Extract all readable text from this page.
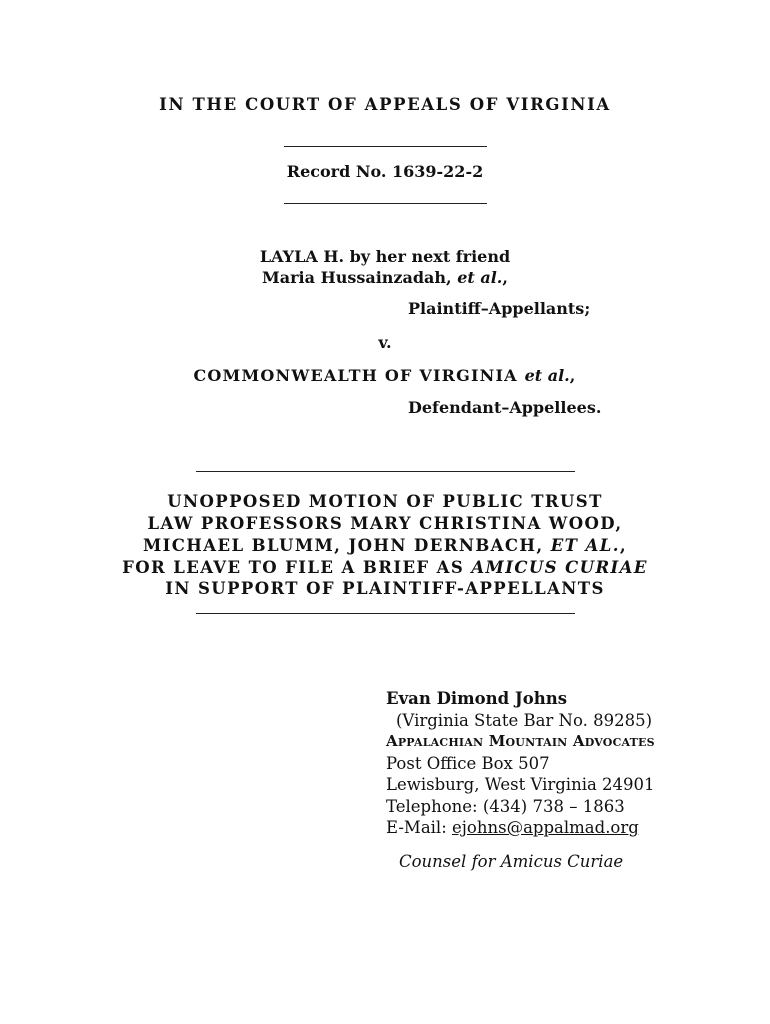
IN THE COURT OF APPEALS OF VIRGINIA
Record No. 1639-22-2
LAYLA H. by her next friend
Maria Hussainzadah, et al.,
Plaintiff–Appellants;
v.
COMMONWEALTH OF VIRGINIA et al.,
Defendant–Appellees.
UNOPPOSED MOTION OF PUBLIC TRUST
LAW PROFESSORS MARY CHRISTINA WOOD,
MICHAEL BLUMM, JOHN DERNBACH, ET AL.,
FOR LEAVE TO FILE A BRIEF AS AMICUS CURIAE
IN SUPPORT OF PLAINTIFF-APPELLANTS
Evan Dimond Johns
(Virginia State Bar No. 89285)
Appalachian Mountain Advocates
Post Office Box 507
Lewisburg, West Virginia 24901
Telephone: (434) 738 – 1863
E-Mail: ejohns@appalmad.org
Counsel for Amicus Curiae
